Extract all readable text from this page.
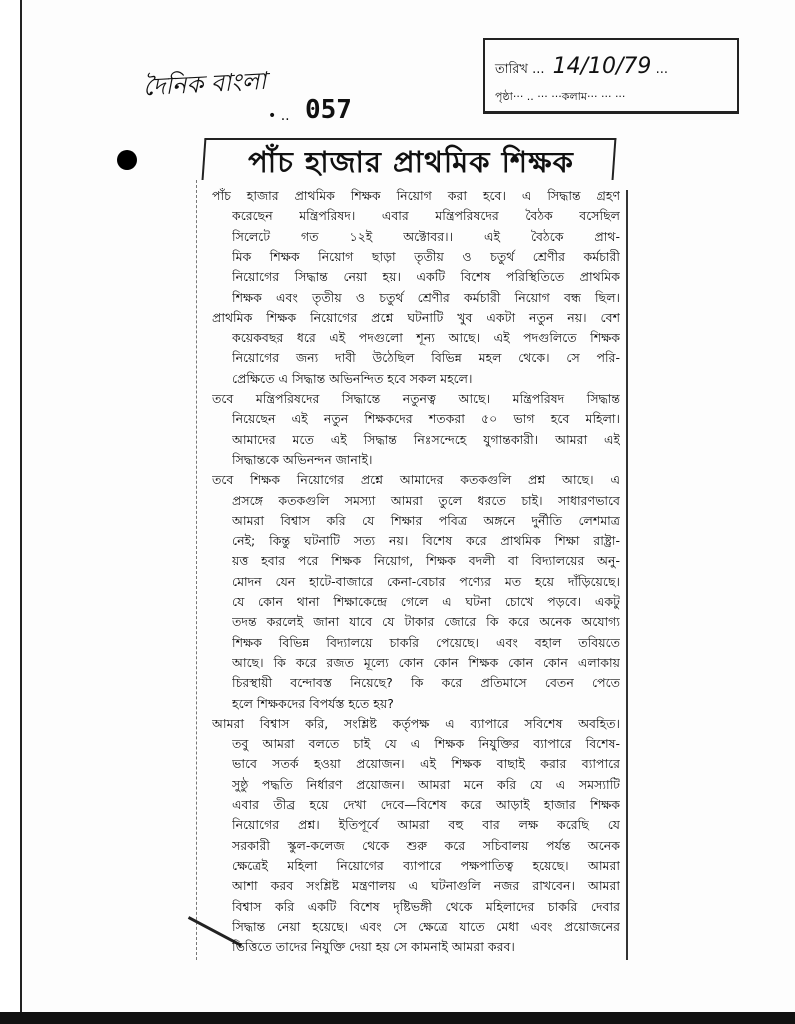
দৈনিক বাংলা
• .. 057
তারিখ ... 14/10/79 ...
পৃষ্ঠা··· .. ··· ···কলাম··· ··· ···
পাঁচ হাজার প্রাথমিক শিক্ষক
পাঁচ হাজার প্রাথমিক শিক্ষক নিয়োগ করা হবে। এ সিদ্ধান্ত গ্রহণ
করেছেন মন্ত্রিপরিষদ। এবার মন্ত্রিপরিষদের বৈঠক বসেছিল
সিলেটে গত ১২ই অক্টোবর।। এই বৈঠকে প্রাথ-
মিক শিক্ষক নিয়োগ ছাড়া তৃতীয় ও চতুর্থ শ্রেণীর কর্মচারী
নিয়োগের সিদ্ধান্ত নেয়া হয়। একটি বিশেষ পরিস্থিতিতে প্রাথমিক
শিক্ষক এবং তৃতীয় ও চতুর্থ শ্রেণীর কর্মচারী নিয়োগ বন্ধ ছিল।
প্রাথমিক শিক্ষক নিয়োগের প্রশ্নে ঘটনাটি খুব একটা নতুন নয়। বেশ
কয়েকবছর ধরে এই পদগুলো শূন্য আছে। এই পদগুলিতে শিক্ষক
নিয়োগের জন্য দাবী উঠেছিল বিভিন্ন মহল থেকে। সে পরি-
প্রেক্ষিতে এ সিদ্ধান্ত অভিনন্দিত হবে সকল মহলে।
তবে মন্ত্রিপরিষদের সিদ্ধান্তে নতুনত্ব আছে। মন্ত্রিপরিষদ সিদ্ধান্ত
নিয়েছেন এই নতুন শিক্ষকদের শতকরা ৫০ ভাগ হবে মহিলা।
আমাদের মতে এই সিদ্ধান্ত নিঃসন্দেহে যুগান্তকারী। আমরা এই
সিদ্ধান্তকে অভিনন্দন জানাই।
তবে শিক্ষক নিয়োগের প্রশ্নে আমাদের কতকগুলি প্রশ্ন আছে। এ
প্রসঙ্গে কতকগুলি সমস্যা আমরা তুলে ধরতে চাই। সাধারণভাবে
আমরা বিশ্বাস করি যে শিক্ষার পবিত্র অঙ্গনে দুর্নীতি লেশমাত্র
নেই; কিন্তু ঘটনাটি সত্য নয়। বিশেষ করে প্রাথমিক শিক্ষা রাষ্ট্রা-
য়ত্ত হবার পরে শিক্ষক নিয়োগ, শিক্ষক বদলী বা বিদ্যালয়ের অনু-
মোদন যেন হাটে-বাজারে কেনা-বেচার পণ্যের মত হয়ে দাঁড়িয়েছে।
যে কোন থানা শিক্ষাকেন্দ্রে গেলে এ ঘটনা চোখে পড়বে। একটু
তদন্ত করলেই জানা যাবে যে টাকার জোরে কি করে অনেক অযোগ্য
শিক্ষক বিভিন্ন বিদ্যালয়ে চাকরি পেয়েছে। এবং বহাল তবিয়তে
আছে। কি করে রজত মূল্যে কোন কোন শিক্ষক কোন কোন এলাকায়
চিরস্থায়ী বন্দোবস্ত নিয়েছে? কি করে প্রতিমাসে বেতন পেতে
হলে শিক্ষকদের বিপর্যস্ত হতে হয়?
আমরা বিশ্বাস করি, সংশ্লিষ্ট কর্তৃপক্ষ এ ব্যাপারে সবিশেষ অবহিত।
তবু আমরা বলতে চাই যে এ শিক্ষক নিযুক্তির ব্যাপারে বিশেষ-
ভাবে সতর্ক হওয়া প্রয়োজন। এই শিক্ষক বাছাই করার ব্যাপারে
সুষ্ঠু পদ্ধতি নির্ধারণ প্রয়োজন। আমরা মনে করি যে এ সমস্যাটি
এবার তীব্র হয়ে দেখা দেবে—বিশেষ করে আড়াই হাজার শিক্ষক
নিয়োগের প্রশ্ন। ইতিপূর্বে আমরা বহু বার লক্ষ করেছি যে
সরকারী স্কুল-কলেজ থেকে শুরু করে সচিবালয় পর্যন্ত অনেক
ক্ষেত্রেই মহিলা নিয়োগের ব্যাপারে পক্ষপাতিত্ব হয়েছে। আমরা
আশা করব সংশ্লিষ্ট মন্ত্রণালয় এ ঘটনাগুলি নজর রাখবেন। আমরা
বিশ্বাস করি একটি বিশেষ দৃষ্টিভঙ্গী থেকে মহিলাদের চাকরি দেবার
সিদ্ধান্ত নেয়া হয়েছে। এবং সে ক্ষেত্রে যাতে মেধা এবং প্রয়োজনের
ভিত্তিতে তাদের নিযুক্তি দেয়া হয় সে কামনাই আমরা করব।
